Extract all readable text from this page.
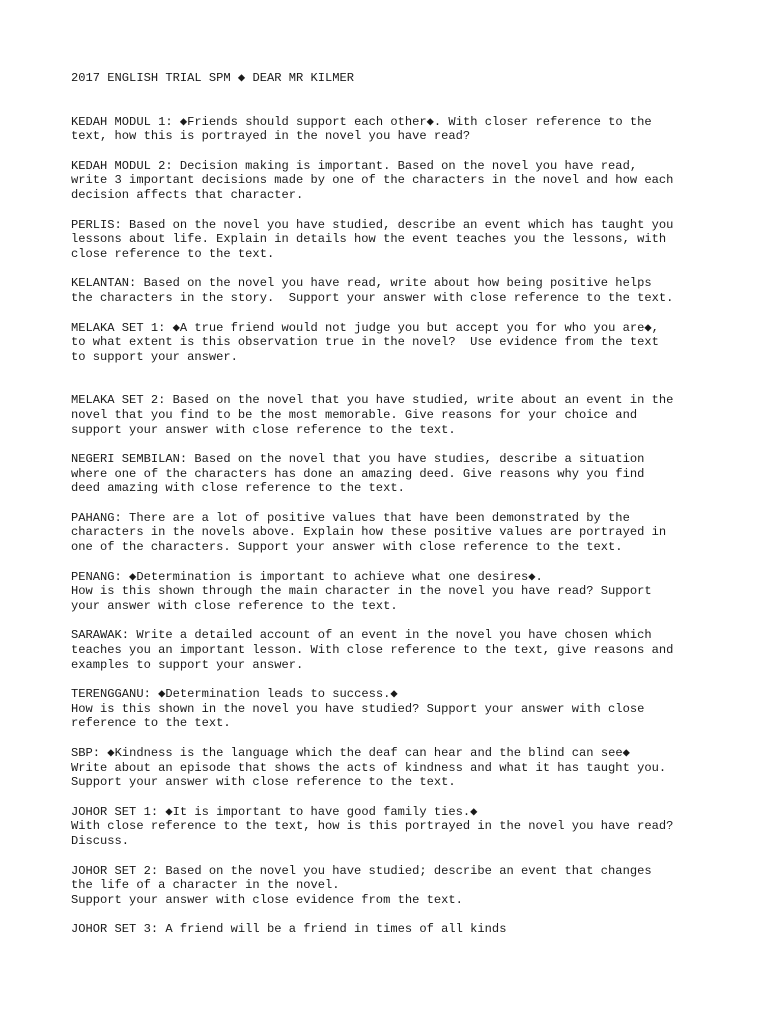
2017 ENGLISH TRIAL SPM ◆ DEAR MR KILMER
KEDAH MODUL 1: ◆Friends should support each other◆. With closer reference to the
text, how this is portrayed in the novel you have read?
KEDAH MODUL 2: Decision making is important. Based on the novel you have read,
write 3 important decisions made by one of the characters in the novel and how each
decision affects that character.
PERLIS: Based on the novel you have studied, describe an event which has taught you
lessons about life. Explain in details how the event teaches you the lessons, with
close reference to the text.
KELANTAN: Based on the novel you have read, write about how being positive helps
the characters in the story.  Support your answer with close reference to the text.
MELAKA SET 1: ◆A true friend would not judge you but accept you for who you are◆,
to what extent is this observation true in the novel?  Use evidence from the text
to support your answer.
MELAKA SET 2: Based on the novel that you have studied, write about an event in the
novel that you find to be the most memorable. Give reasons for your choice and
support your answer with close reference to the text.
NEGERI SEMBILAN: Based on the novel that you have studies, describe a situation
where one of the characters has done an amazing deed. Give reasons why you find
deed amazing with close reference to the text.
PAHANG: There are a lot of positive values that have been demonstrated by the
characters in the novels above. Explain how these positive values are portrayed in
one of the characters. Support your answer with close reference to the text.
PENANG: ◆Determination is important to achieve what one desires◆.
How is this shown through the main character in the novel you have read? Support
your answer with close reference to the text.
SARAWAK: Write a detailed account of an event in the novel you have chosen which
teaches you an important lesson. With close reference to the text, give reasons and
examples to support your answer.
TERENGGANU: ◆Determination leads to success.◆
How is this shown in the novel you have studied? Support your answer with close
reference to the text.
SBP: ◆Kindness is the language which the deaf can hear and the blind can see◆
Write about an episode that shows the acts of kindness and what it has taught you.
Support your answer with close reference to the text.
JOHOR SET 1: ◆It is important to have good family ties.◆
With close reference to the text, how is this portrayed in the novel you have read?
Discuss.
JOHOR SET 2: Based on the novel you have studied; describe an event that changes
the life of a character in the novel.
Support your answer with close evidence from the text.
JOHOR SET 3: A friend will be a friend in times of all kinds
